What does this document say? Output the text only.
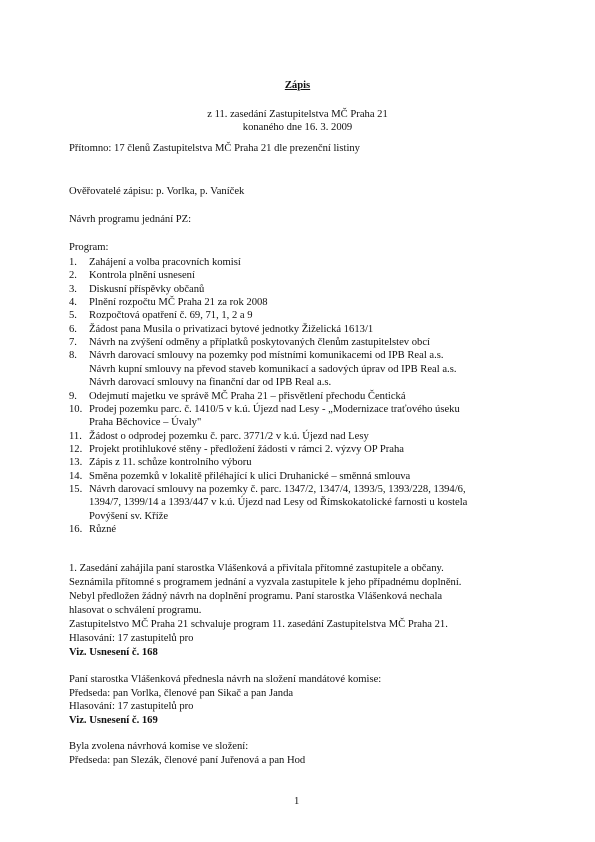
Zápis
z 11. zasedání Zastupitelstva MČ Praha 21
konaného dne 16. 3. 2009
Přítomno: 17 členů Zastupitelstva MČ Praha 21 dle prezenční listiny
Ověřovatelé zápisu: p. Vorlka, p. Vaníček
Návrh programu jednání PZ:
Program:
1. Zahájení a volba pracovních komisí
2. Kontrola plnění usnesení
3. Diskusní příspěvky občanů
4. Plnění rozpočtu MČ Praha 21 za rok 2008
5. Rozpočtová opatření č. 69, 71, 1, 2 a 9
6. Žádost pana Musila o privatizaci bytové jednotky Žiželická 1613/1
7. Návrh na zvýšení odměny a příplatků poskytovaných členům zastupitelstev obcí
8. Návrh darovací smlouvy na pozemky pod místními komunikacemi od IPB Real a.s.
Návrh kupní smlouvy na převod staveb komunikací a sadových úprav od IPB Real a.s.
Návrh darovací smlouvy na finanční dar od IPB Real a.s.
9. Odejmutí majetku ve správě MČ Praha 21 – přisvětlení přechodu Čentická
10. Prodej pozemku parc. č. 1410/5 v k.ú. Újezd nad Lesy - „Modernizace traťového úseku
Praha Běchovice – Úvaly"
11. Žádost o odprodej pozemku č. parc. 3771/2 v k.ú. Újezd nad Lesy
12. Projekt protihlukové stěny - předložení žádosti v rámci 2. výzvy OP Praha
13. Zápis z 11. schůze kontrolního výboru
14. Směna pozemků v lokalitě přiléhající k ulici Druhanické – směnná smlouva
15. Návrh darovací smlouvy na pozemky č. parc. 1347/2, 1347/4, 1393/5, 1393/228, 1394/6,
1394/7, 1399/14 a 1393/447 v k.ú. Újezd nad Lesy od Římskokatolické farnosti u kostela
Povýšení sv. Kříže
16. Různé
1. Zasedání zahájila paní starostka Vlášenková a přivítala přítomné zastupitele a občany.
Seznámila přítomné s programem jednání a vyzvala zastupitele k jeho případnému doplnění.
Nebyl předložen žádný návrh na doplnění programu. Paní starostka Vlášenková nechala
hlasovat o schválení programu.
Zastupitelstvo MČ Praha 21 schvaluje program 11. zasedání Zastupitelstva MČ Praha 21.
Hlasování: 17 zastupitelů pro
Viz. Usnesení č. 168
Paní starostka Vlášenková přednesla návrh na složení mandátové komise:
Předseda: pan Vorlka, členové pan Sikač a pan Janda
Hlasování: 17 zastupitelů pro
Viz. Usnesení č. 169
Byla zvolena návrhová komise ve složení:
Předseda: pan Slezák, členové paní Juřenová a pan Hod
1
